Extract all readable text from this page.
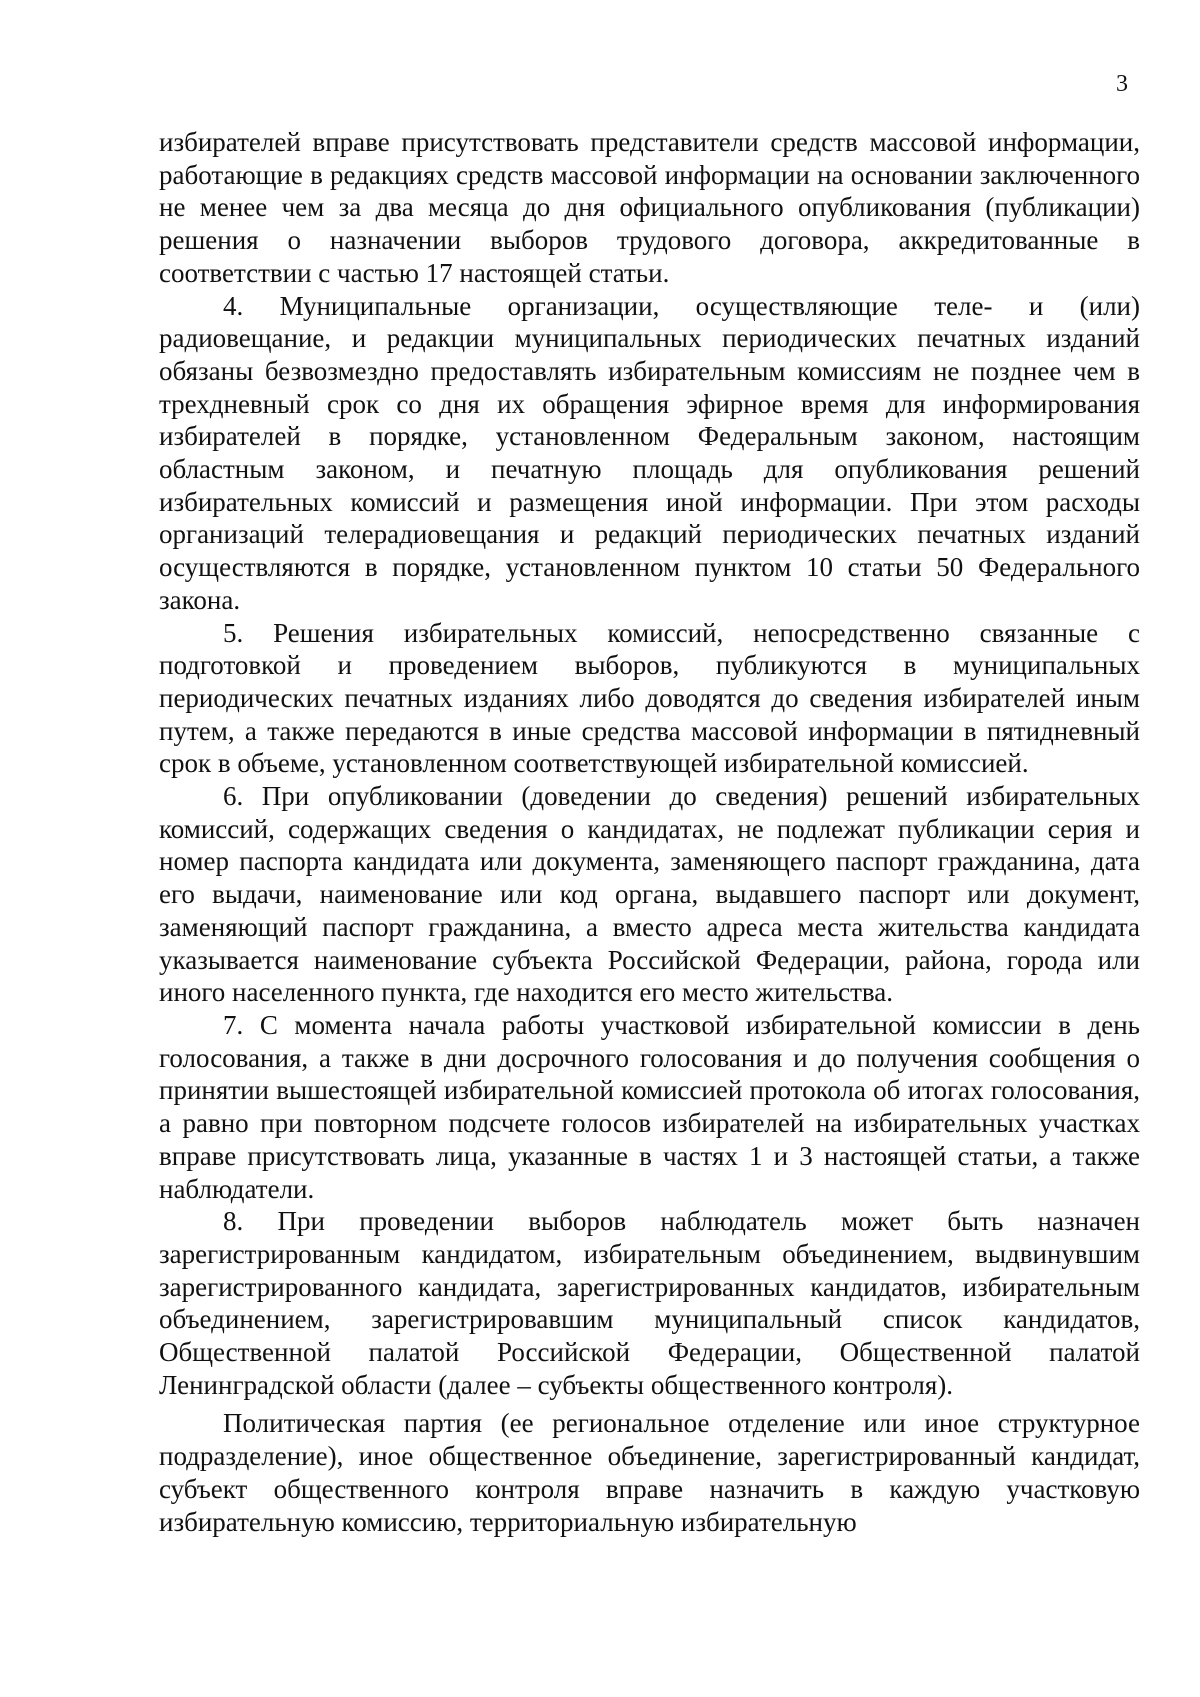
3

избирателей вправе присутствовать представители средств массовой информации, работающие в редакциях средств массовой информации на основании заключенного не менее чем за два месяца до дня официального опубликования (публикации) решения о назначении выборов трудового договора, аккредитованные в соответствии с частью 17 настоящей статьи.

4. Муниципальные организации, осуществляющие теле- и (или) радиовещание, и редакции муниципальных периодических печатных изданий обязаны безвозмездно предоставлять избирательным комиссиям не позднее чем в трехдневный срок со дня их обращения эфирное время для информирования избирателей в порядке, установленном Федеральным законом, настоящим областным законом, и печатную площадь для опубликования решений избирательных комиссий и размещения иной информации. При этом расходы организаций телерадиовещания и редакций периодических печатных изданий осуществляются в порядке, установленном пунктом 10 статьи 50 Федерального закона.

5. Решения избирательных комиссий, непосредственно связанные с подготовкой и проведением выборов, публикуются в муниципальных периодических печатных изданиях либо доводятся до сведения избирателей иным путем, а также передаются в иные средства массовой информации в пятидневный срок в объеме, установленном соответствующей избирательной комиссией.

6. При опубликовании (доведении до сведения) решений избирательных комиссий, содержащих сведения о кандидатах, не подлежат публикации серия и номер паспорта кандидата или документа, заменяющего паспорт гражданина, дата его выдачи, наименование или код органа, выдавшего паспорт или документ, заменяющий паспорт гражданина, а вместо адреса места жительства кандидата указывается наименование субъекта Российской Федерации, района, города или иного населенного пункта, где находится его место жительства.

7. С момента начала работы участковой избирательной комиссии в день голосования, а также в дни досрочного голосования и до получения сообщения о принятии вышестоящей избирательной комиссией протокола об итогах голосования, а равно при повторном подсчете голосов избирателей на избирательных участках вправе присутствовать лица, указанные в частях 1 и 3 настоящей статьи, а также наблюдатели.

8. При проведении выборов наблюдатель может быть назначен зарегистрированным кандидатом, избирательным объединением, выдвинувшим зарегистрированного кандидата, зарегистрированных кандидатов, избирательным объединением, зарегистрировавшим муниципальный список кандидатов, Общественной палатой Российской Федерации, Общественной палатой Ленинградской области (далее – субъекты общественного контроля).

Политическая партия (ее региональное отделение или иное структурное подразделение), иное общественное объединение, зарегистрированный кандидат, субъект общественного контроля вправе назначить в каждую участковую избирательную комиссию, территориальную избирательную
